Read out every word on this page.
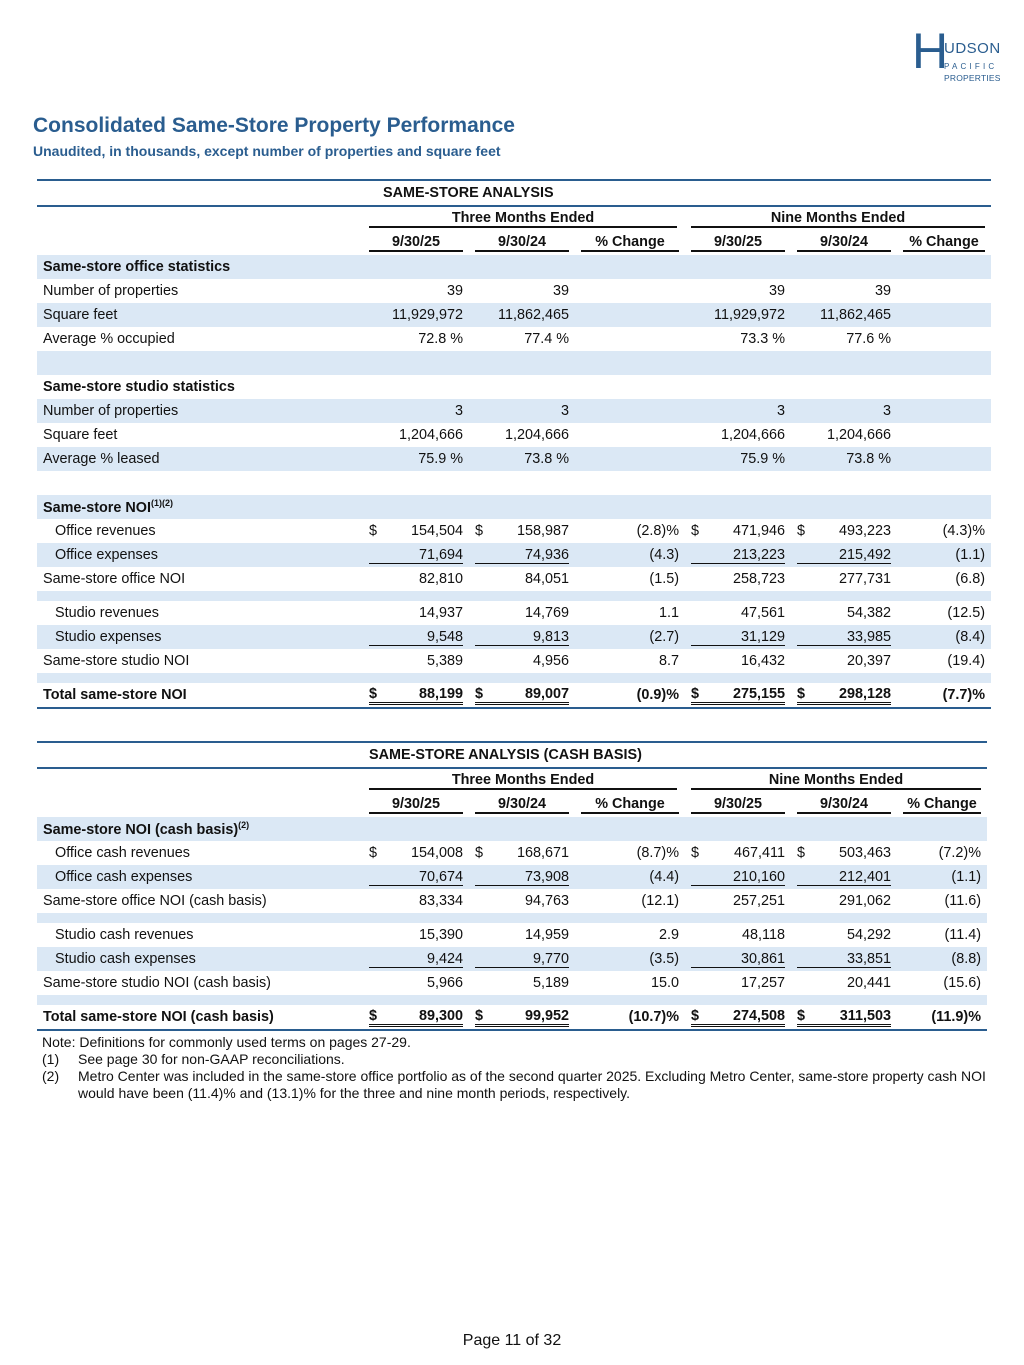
H
UDSON
PACIFIC
PROPERTIES
Consolidated Same-Store Property Performance
Unaudited, in thousands, except number of properties and square feet
	SAME-STORE ANALYSIS					

	Three Months Ended			Nine Months Ended		

	9/30/25	9/30/24	% Change	9/30/25	9/30/24	% Change

Same-store office statistics						
Number of properties	39	39		39	39	
Square feet	11,929,972	11,862,465		11,929,972	11,862,465	
Average % occupied	72.8 %	77.4 %		73.3 %	77.6 %	

Same-store studio statistics						
Number of properties	3	3		3	3	
Square feet	1,204,666	1,204,666		1,204,666	1,204,666	
Average % leased	75.9 %	73.8 %		75.9 %	73.8 %	

Same-store $NOI^{(1)(2)}$
Office revenues	$ 154,504	$ 158,987	(2.8)%	$ 471,946	$ 493,223	(4.3)%
Office expenses	71,694	74,936	(4.3)	213,223	215,492	(1.1)
Same-store office NOI	82,810	84,051	(1.5)	258,723	277,731	(6.8)

Studio revenues	14,937	14,769	1.1	47,561	54,382	(12.5)
Studio expenses	9,548	9,813	(2.7)	31,129	33,985	(8.4)
Same-store studio NOI	5,389	4,956	8.7	16,432	20,397	(19.4)

Total same-store NOI	$ 88,199	$ 89,007	(0.9)%	$ 275,155	$ 298,128	(7.7)%
	SAME-STORE ANALYSIS (CASH BASIS)					

	Three Months Ended			Nine Months Ended		

	9/30/25	9/30/24	% Change	9/30/25	9/30/24	% Change

Same-store NOI (cash basis)$^{(2)}$
Office cash revenues	$ 154,008	$ 168,671	(8.7)%	$ 467,411	$ 503,463	(7.2)%
Office cash expenses	70,674	73,908	(4.4)	210,160	212,401	(1.1)
Same-store office NOI (cash basis)	83,334	94,763	(12.1)	257,251	291,062	(11.6)

Studio cash revenues	15,390	14,959	2.9	48,118	54,292	(11.4)
Studio cash expenses	9,424	9,770	(3.5)	30,861	33,851	(8.8)
Same-store studio NOI (cash basis)	5,966	5,189	15.0	17,257	20,441	(15.6)

Total same-store NOI (cash basis)	$ 89,300	$ 99,952	(10.7)%	$ 274,508	$ 311,503	(11.9)%
Note: Definitions for commonly used terms on pages 27-29.
(1)	See page 30 for non-GAAP reconciliations.
(2)	Metro Center was included in the same-store office portfolio as of the second quarter 2025. Excluding Metro Center, same-store property cash NOI would have been (11.4)% and (13.1)% for the three and nine month periods, respectively.
Page 11 of 32
